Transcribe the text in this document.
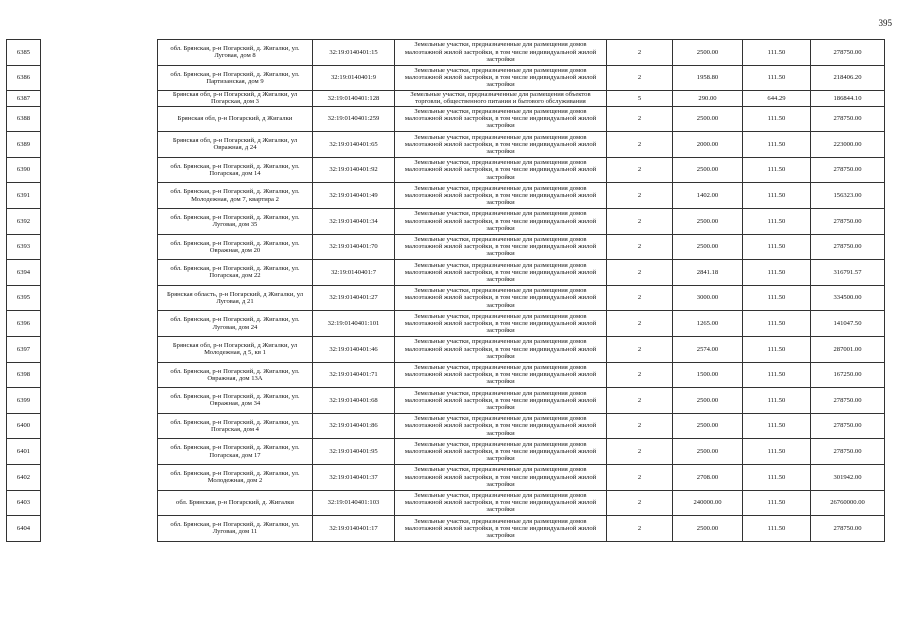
395
6385		обл. Брянская, р-н Погарский, д. Жигалки, ул. Луговая, дом 8	32:19:0140401:15	Земельные участки, предназначенные для размещения домов малоэтажной жилой застройки, в том числе индивидуальной жилой застройки	2	2500.00	111.50	278750.00
6386		обл. Брянская, р-н Погарский, д. Жигалки, ул. Партизанская, дом 9	32:19:0140401:9	Земельные участки, предназначенные для размещения домов малоэтажной жилой застройки, в том числе индивидуальной жилой застройки	2	1958.80	111.50	218406.20
6387		Брянская обл, р-н Погарский, д Жигалки, ул Погарская, дом 3	32:19:0140401:128	Земельные участки, предназначенные для размещения объектов торговли, общественного питания и бытового обслуживания	5	290.00	644.29	186844.10
6388		Брянская обл, р-н Погарский, д Жигалки	32:19:0140401:259	Земельные участки, предназначенные для размещения домов малоэтажной жилой застройки, в том числе индивидуальной жилой застройки	2	2500.00	111.50	278750.00
6389		Брянская обл, р-н Погарский, д Жигалки, ул Овражная, д 24	32:19:0140401:65	Земельные участки, предназначенные для размещения домов малоэтажной жилой застройки, в том числе индивидуальной жилой застройки	2	2000.00	111.50	223000.00
6390		обл. Брянская, р-н Погарский, д. Жигалки, ул. Погарская, дом 14	32:19:0140401:92	Земельные участки, предназначенные для размещения домов малоэтажной жилой застройки, в том числе индивидуальной жилой застройки	2	2500.00	111.50	278750.00
6391		обл. Брянская, р-н Погарский, д. Жигалки, ул. Молодежная, дом 7, квартира 2	32:19:0140401:49	Земельные участки, предназначенные для размещения домов малоэтажной жилой застройки, в том числе индивидуальной жилой застройки	2	1402.00	111.50	156323.00
6392		обл. Брянская, р-н Погарский, д. Жигалки, ул. Луговая, дом 35	32:19:0140401:34	Земельные участки, предназначенные для размещения домов малоэтажной жилой застройки, в том числе индивидуальной жилой застройки	2	2500.00	111.50	278750.00
6393		обл. Брянская, р-н Погарский, д. Жигалки, ул. Овражная, дом 20	32:19:0140401:70	Земельные участки, предназначенные для размещения домов малоэтажной жилой застройки, в том числе индивидуальной жилой застройки	2	2500.00	111.50	278750.00
6394		обл. Брянская, р-н Погарский, д. Жигалки, ул. Погарская, дом 22	32:19:0140401:7	Земельные участки, предназначенные для размещения домов малоэтажной жилой застройки, в том числе индивидуальной жилой застройки	2	2841.18	111.50	316791.57
6395		Брянская область, р-н Погарский, д Жигалки, ул Луговая, д 21	32:19:0140401:27	Земельные участки, предназначенные для размещения домов малоэтажной жилой застройки, в том числе индивидуальной жилой застройки	2	3000.00	111.50	334500.00
6396		обл. Брянская, р-н Погарский, д. Жигалки, ул. Луговая, дом 24	32:19:0140401:101	Земельные участки, предназначенные для размещения домов малоэтажной жилой застройки, в том числе индивидуальной жилой застройки	2	1265.00	111.50	141047.50
6397		Брянская обл, р-н Погарский, д Жигалки, ул Молодежная, д 5, кв 1	32:19:0140401:46	Земельные участки, предназначенные для размещения домов малоэтажной жилой застройки, в том числе индивидуальной жилой застройки	2	2574.00	111.50	287001.00
6398		обл. Брянская, р-н Погарский, д. Жигалки, ул. Овражная, дом 13А	32:19:0140401:71	Земельные участки, предназначенные для размещения домов малоэтажной жилой застройки, в том числе индивидуальной жилой застройки	2	1500.00	111.50	167250.00
6399		обл. Брянская, р-н Погарский, д. Жигалки, ул. Овражная, дом 34	32:19:0140401:68	Земельные участки, предназначенные для размещения домов малоэтажной жилой застройки, в том числе индивидуальной жилой застройки	2	2500.00	111.50	278750.00
6400		обл. Брянская, р-н Погарский, д. Жигалки, ул. Погарская, дом 4	32:19:0140401:86	Земельные участки, предназначенные для размещения домов малоэтажной жилой застройки, в том числе индивидуальной жилой застройки	2	2500.00	111.50	278750.00
6401		обл. Брянская, р-н Погарский, д. Жигалки, ул. Погарская, дом 17	32:19:0140401:95	Земельные участки, предназначенные для размещения домов малоэтажной жилой застройки, в том числе индивидуальной жилой застройки	2	2500.00	111.50	278750.00
6402		обл. Брянская, р-н Погарский, д. Жигалки, ул. Молодежная, дом 2	32:19:0140401:37	Земельные участки, предназначенные для размещения домов малоэтажной жилой застройки, в том числе индивидуальной жилой застройки	2	2708.00	111.50	301942.00
6403		обл. Брянская, р-н Погарский, д. Жигалки	32:19:0140401:103	Земельные участки, предназначенные для размещения домов малоэтажной жилой застройки, в том числе индивидуальной жилой застройки	2	240000.00	111.50	26760000.00
6404		обл. Брянская, р-н Погарский, д. Жигалки, ул. Луговая, дом 11	32:19:0140401:17	Земельные участки, предназначенные для размещения домов малоэтажной жилой застройки, в том числе индивидуальной жилой застройки	2	2500.00	111.50	278750.00
